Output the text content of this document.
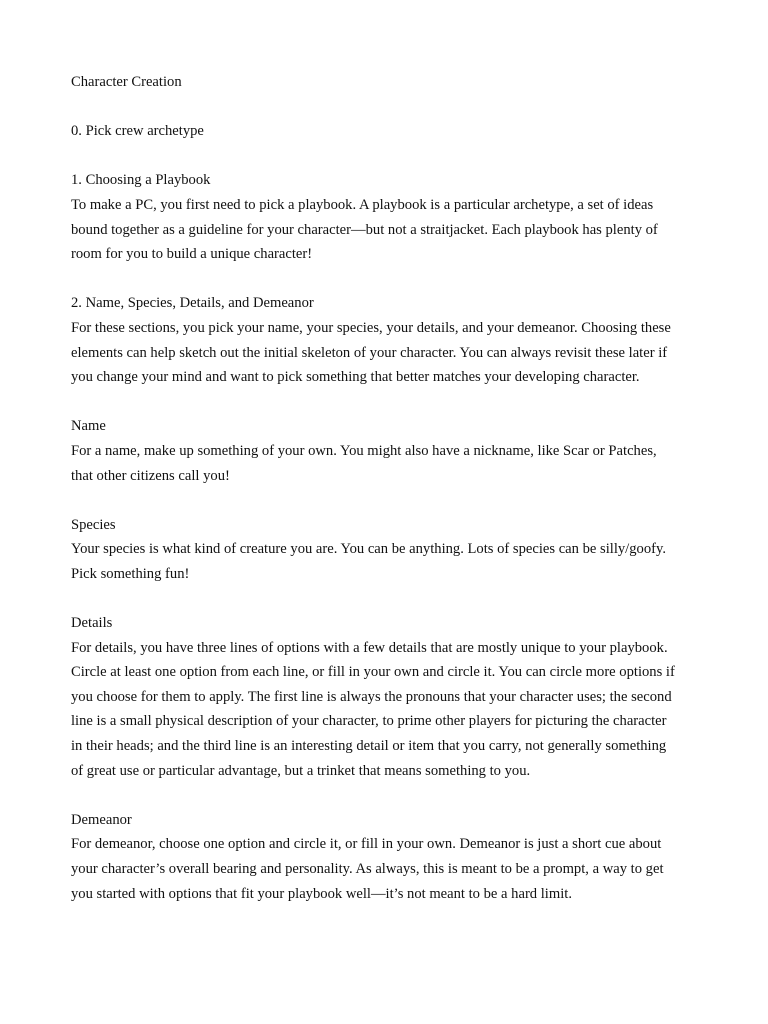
Character Creation
0. Pick crew archetype
1. Choosing a Playbook
To make a PC, you first need to pick a playbook. A playbook is a particular archetype, a set of ideas
bound together as a guideline for your character—but not a straitjacket. Each playbook has plenty of
room for you to build a unique character!
2. Name, Species, Details, and Demeanor
For these sections, you pick your name, your species, your details, and your demeanor. Choosing these
elements can help sketch out the initial skeleton of your character. You can always revisit these later if
you change your mind and want to pick something that better matches your developing character.
Name
For a name, make up something of your own. You might also have a nickname, like Scar or Patches,
that other citizens call you!
Species
Your species is what kind of creature you are. You can be anything. Lots of species can be silly/goofy.
Pick something fun!
Details
For details, you have three lines of options with a few details that are mostly unique to your playbook.
Circle at least one option from each line, or fill in your own and circle it. You can circle more options if
you choose for them to apply. The first line is always the pronouns that your character uses; the second
line is a small physical description of your character, to prime other players for picturing the character
in their heads; and the third line is an interesting detail or item that you carry, not generally something
of great use or particular advantage, but a trinket that means something to you.
Demeanor
For demeanor, choose one option and circle it, or fill in your own. Demeanor is just a short cue about
your character’s overall bearing and personality. As always, this is meant to be a prompt, a way to get
you started with options that fit your playbook well—it’s not meant to be a hard limit.
